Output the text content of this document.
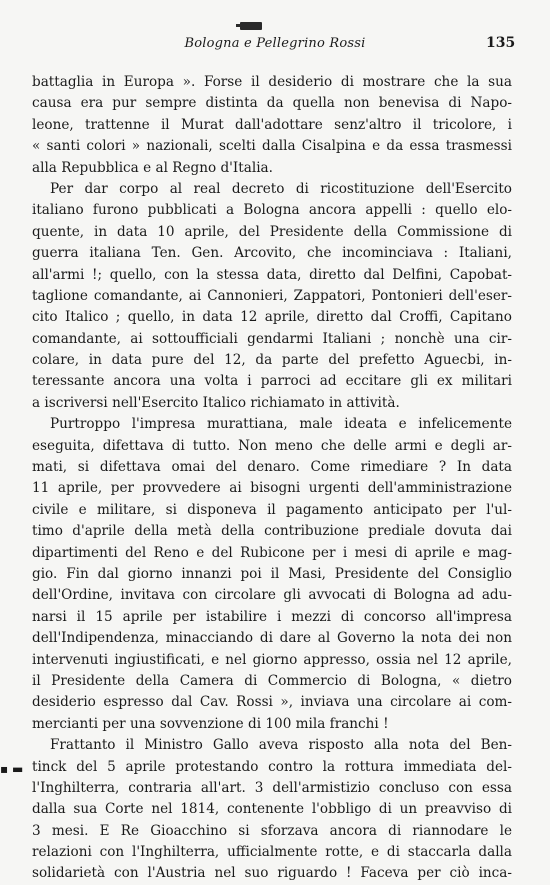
Bologna e Pellegrino Rossi	135
battaglia in Europa ». Forse il desiderio di mostrare che la sua
causa era pur sempre distinta da quella non benevisa di Napo-
leone, trattenne il Murat dall'adottare senz'altro il tricolore, i
« santi colori » nazionali, scelti dalla Cisalpina e da essa trasmessi
alla Repubblica e al Regno d'Italia.
Per dar corpo al real decreto di ricostituzione dell'Esercito
italiano furono pubblicati a Bologna ancora appelli : quello elo-
quente, in data 10 aprile, del Presidente della Commissione di
guerra italiana Ten. Gen. Arcovito, che incominciava : Italiani,
all'armi !; quello, con la stessa data, diretto dal Delfini, Capobat-
taglione comandante, ai Cannonieri, Zappatori, Pontonieri dell'eser-
cito Italico ; quello, in data 12 aprile, diretto dal Croffi, Capitano
comandante, ai sottoufficiali gendarmi Italiani ; nonchè una cir-
colare, in data pure del 12, da parte del prefetto Aguecbi, in-
teressante ancora una volta i parroci ad eccitare gli ex militari
a iscriversi nell'Esercito Italico richiamato in attività.
Purtroppo l'impresa murattiana, male ideata e infelicemente
eseguita, difettava di tutto. Non meno che delle armi e degli ar-
mati, si difettava omai del denaro. Come rimediare ? In data
11 aprile, per provvedere ai bisogni urgenti dell'amministrazione
civile e militare, si disponeva il pagamento anticipato per l'ul-
timo d'aprile della metà della contribuzione prediale dovuta dai
dipartimenti del Reno e del Rubicone per i mesi di aprile e mag-
gio. Fin dal giorno innanzi poi il Masi, Presidente del Consiglio
dell'Ordine, invitava con circolare gli avvocati di Bologna ad adu-
narsi il 15 aprile per istabilire i mezzi di concorso all'impresa
dell'Indipendenza, minacciando di dare al Governo la nota dei non
intervenuti ingiustificati, e nel giorno appresso, ossia nel 12 aprile,
il Presidente della Camera di Commercio di Bologna, « dietro
desiderio espresso dal Cav. Rossi », inviava una circolare ai com-
mercianti per una sovvenzione di 100 mila franchi !
Frattanto il Ministro Gallo aveva risposto alla nota del Ben-
tinck del 5 aprile protestando contro la rottura immediata del-
l'Inghilterra, contraria all'art. 3 dell'armistizio concluso con essa
dalla sua Corte nel 1814, contenente l'obbligo di un preavviso di
3 mesi. E Re Gioacchino si sforzava ancora di riannodare le
relazioni con l'Inghilterra, ufficialmente rotte, e di staccarla dalla
solidarietà con l'Austria nel suo riguardo ! Faceva per ciò inca-
▪ ▬
